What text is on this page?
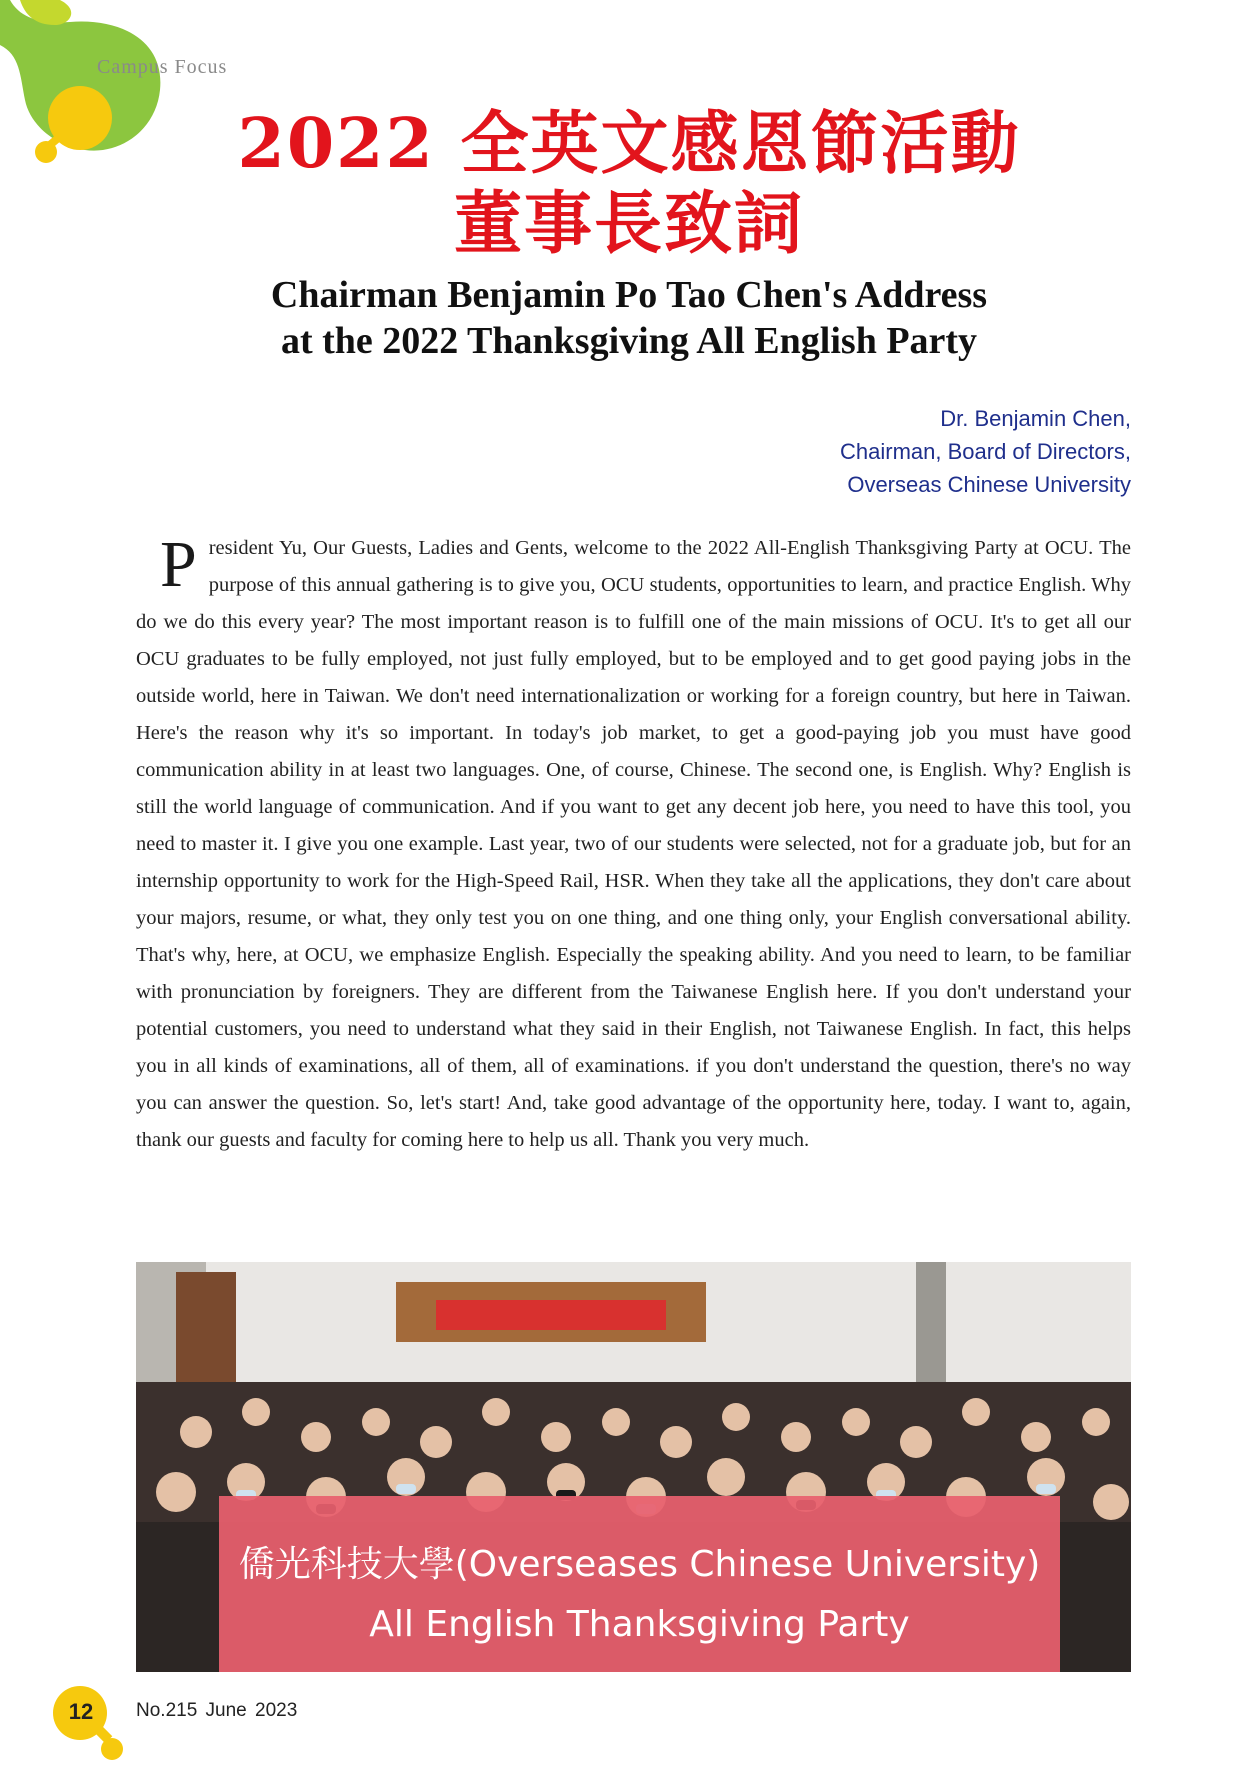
Campus Focus
2022 全英文感恩節活動
董事長致詞
Chairman Benjamin Po Tao Chen's Address
at the 2022 Thanksgiving All English Party
Dr. Benjamin Chen,
Chairman, Board of Directors,
Overseas Chinese University
P resident Yu, Our Guests, Ladies and Gents, welcome to the 2022 All-English Thanksgiving Party at OCU. The purpose of this annual gathering is to give you, OCU students, opportunities to learn, and practice English. Why do we do this every year? The most important reason is to fulfill one of the main missions of OCU. It's to get all our OCU graduates to be fully employed, not just fully employed, but to be employed and to get good paying jobs in the outside world, here in Taiwan. We don't need internationalization or working for a foreign country, but here in Taiwan. Here's the reason why it's so important. In today's job market, to get a good-paying job you must have good communication ability in at least two languages. One, of course, Chinese. The second one, is English. Why? English is still the world language of communication. And if you want to get any decent job here, you need to have this tool, you need to master it. I give you one example. Last year, two of our students were selected, not for a graduate job, but for an internship opportunity to work for the High-Speed Rail, HSR. When they take all the applications, they don't care about your majors, resume, or what, they only test you on one thing, and one thing only, your English conversational ability. That's why, here, at OCU, we emphasize English. Especially the speaking ability. And you need to learn, to be familiar with pronunciation by foreigners. They are different from the Taiwanese English here. If you don't understand your potential customers, you need to understand what they said in their English, not Taiwanese English. In fact, this helps you in all kinds of examinations, all of them, all of examinations. if you don't understand the question, there's no way you can answer the question. So, let's start! And, take good advantage of the opportunity here, today. I want to, again, thank our guests and faculty for coming here to help us all. Thank you very much.
僑光科技大學(Overseases Chinese University)
All English Thanksgiving Party
12	No.215 June 2023
